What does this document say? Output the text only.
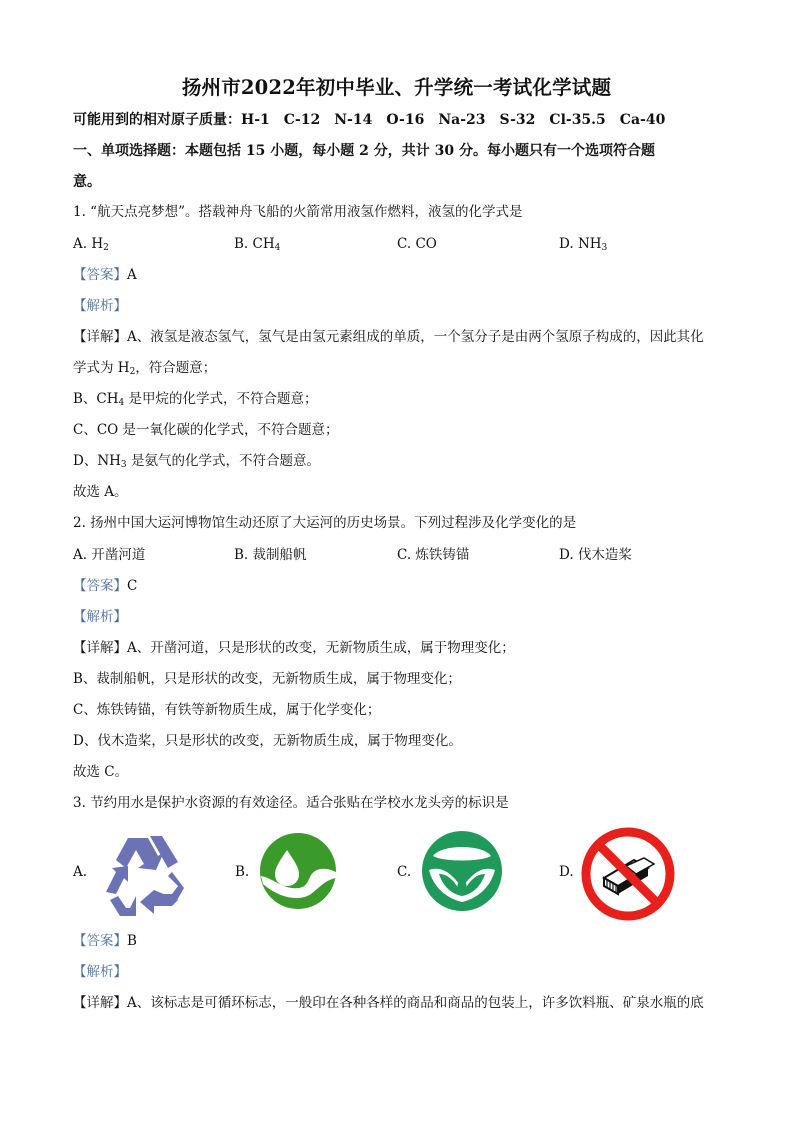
扬州市2022年初中毕业、升学统一考试化学试题
可能用到的相对原子质量：H-1 C-12 N-14 O-16 Na-23 S-32 Cl-35.5 Ca-40
一、单项选择题：本题包括 15 小题，每小题 2 分，共计 30 分。每小题只有一个选项符合题
意。
1. “航天点亮梦想”。搭载神舟飞船的火箭常用液氢作燃料，液氢的化学式是
A. $H_2$	B. $CH_4$	C. CO	D. $NH_3$
【答案】A
【解析】
【详解】A、液氢是液态氢气，氢气是由氢元素组成的单质，一个氢分子是由两个氢原子构成的，因此其化
学式为 $H_2$，符合题意；
B、$CH_4$ 是甲烷的化学式，不符合题意；
C、CO 是一氧化碳的化学式，不符合题意；
D、$NH_3$ 是氨气的化学式，不符合题意。
故选 A。
2. 扬州中国大运河博物馆生动还原了大运河的历史场景。下列过程涉及化学变化的是
A. 开凿河道	B. 裁制船帆	C. 炼铁铸锚	D. 伐木造桨
【答案】C
【解析】
【详解】A、开凿河道，只是形状的改变，无新物质生成，属于物理变化；
B、裁制船帆，只是形状的改变，无新物质生成，属于物理变化；
C、炼铁铸锚，有铁等新物质生成，属于化学变化；
D、伐木造桨，只是形状的改变，无新物质生成，属于物理变化。
故选 C。
3. 节约用水是保护水资源的有效途径。适合张贴在学校水龙头旁的标识是
A.	B.	C.	D.
【答案】B
【解析】
【详解】A、该标志是可循环标志，一般印在各种各样的商品和商品的包装上，许多饮料瓶、矿泉水瓶的底
